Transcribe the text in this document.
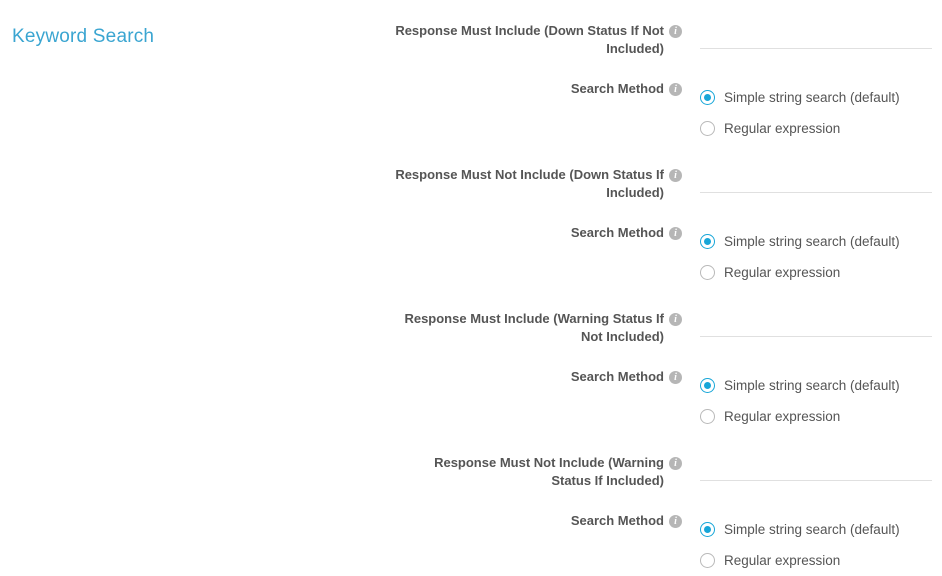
Keyword Search	Response Must Include (Down Status If Not Included)
i
Search Method	i
Simple string search (default)
Regular expression
Response Must Not Include (Down Status If Included)
i
Search Method	i
Simple string search (default)
Regular expression
Response Must Include (Warning Status If Not Included)
i
Search Method	i
Simple string search (default)
Regular expression
Response Must Not Include (Warning Status If Included)
i
Search Method	i
Simple string search (default)
Regular expression
